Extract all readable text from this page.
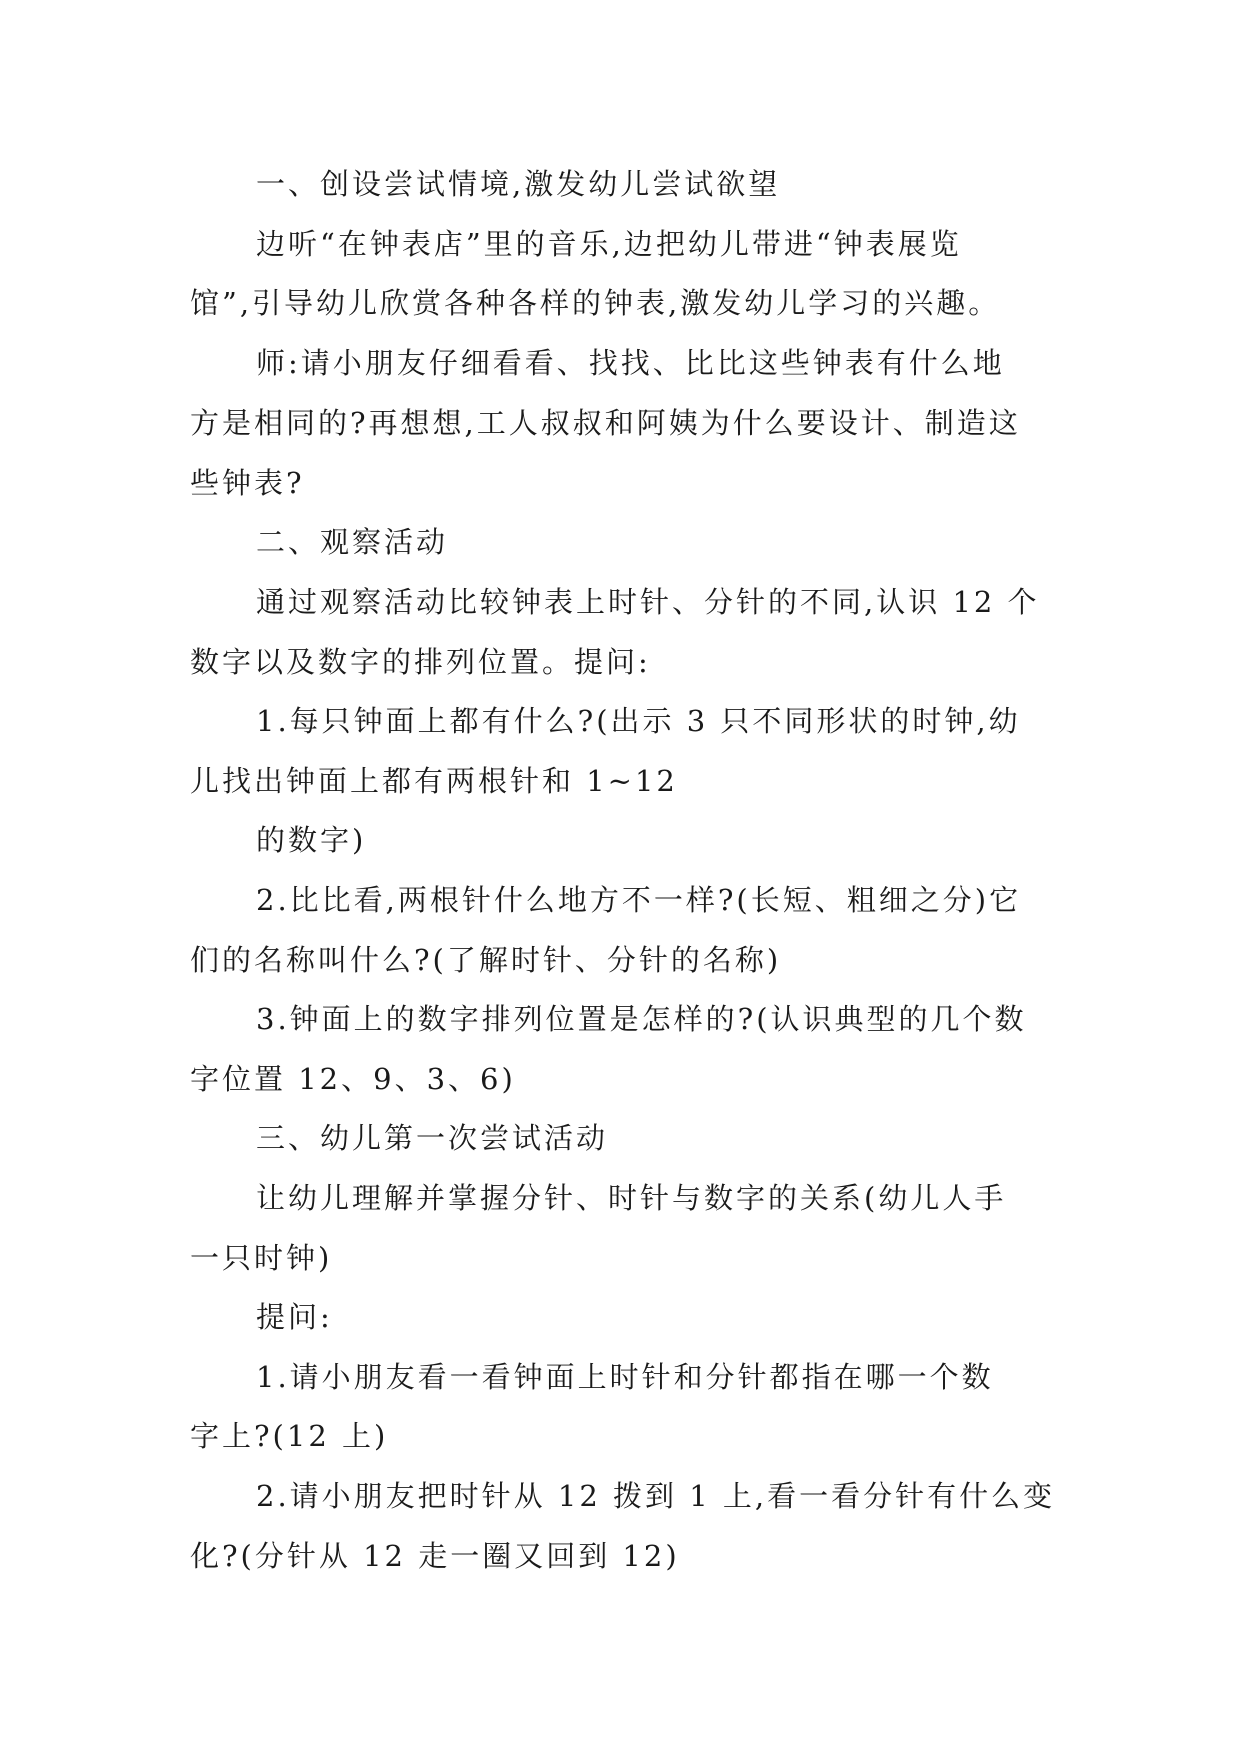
一、创设尝试情境,激发幼儿尝试欲望
边听“在钟表店”里的音乐,边把幼儿带进“钟表展览
馆”,引导幼儿欣赏各种各样的钟表,激发幼儿学习的兴趣。
师:请小朋友仔细看看、找找、比比这些钟表有什么地
方是相同的?再想想,工人叔叔和阿姨为什么要设计、制造这
些钟表?
二、观察活动
通过观察活动比较钟表上时针、分针的不同,认识 12 个
数字以及数字的排列位置。提问:
1.每只钟面上都有什么?(出示 3 只不同形状的时钟,幼
儿找出钟面上都有两根针和 1~12
的数字)
2.比比看,两根针什么地方不一样?(长短、粗细之分)它
们的名称叫什么?(了解时针、分针的名称)
3.钟面上的数字排列位置是怎样的?(认识典型的几个数
字位置 12、9、3、6)
三、幼儿第一次尝试活动
让幼儿理解并掌握分针、时针与数字的关系(幼儿人手
一只时钟)
提问:
1.请小朋友看一看钟面上时针和分针都指在哪一个数
字上?(12 上)
2.请小朋友把时针从 12 拨到 1 上,看一看分针有什么变
化?(分针从 12 走一圈又回到 12)
